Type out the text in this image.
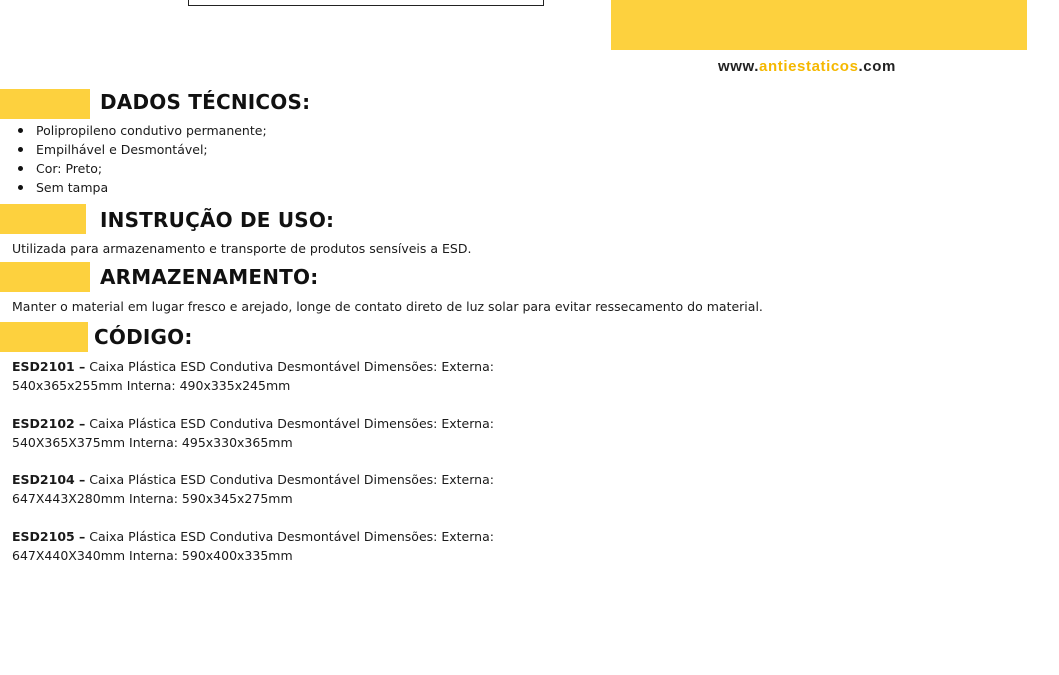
www.antiestaticos.com
DADOS TÉCNICOS:
Polipropileno condutivo permanente;
Empilhável e Desmontável;
Cor: Preto;
Sem tampa
INSTRUÇÃO DE USO:
Utilizada para armazenamento e transporte de produtos sensíveis a ESD.
ARMAZENAMENTO:
Manter o material em lugar fresco e arejado, longe de contato direto de luz solar para evitar ressecamento do material.
CÓDIGO:
ESD2101 – Caixa Plástica ESD Condutiva Desmontável Dimensões: Externa:
540x365x255mm Interna: 490x335x245mm
ESD2102 – Caixa Plástica ESD Condutiva Desmontável Dimensões: Externa:
540X365X375mm Interna: 495x330x365mm
ESD2104 – Caixa Plástica ESD Condutiva Desmontável Dimensões: Externa:
647X443X280mm Interna: 590x345x275mm
ESD2105 – Caixa Plástica ESD Condutiva Desmontável Dimensões: Externa:
647X440X340mm Interna: 590x400x335mm
